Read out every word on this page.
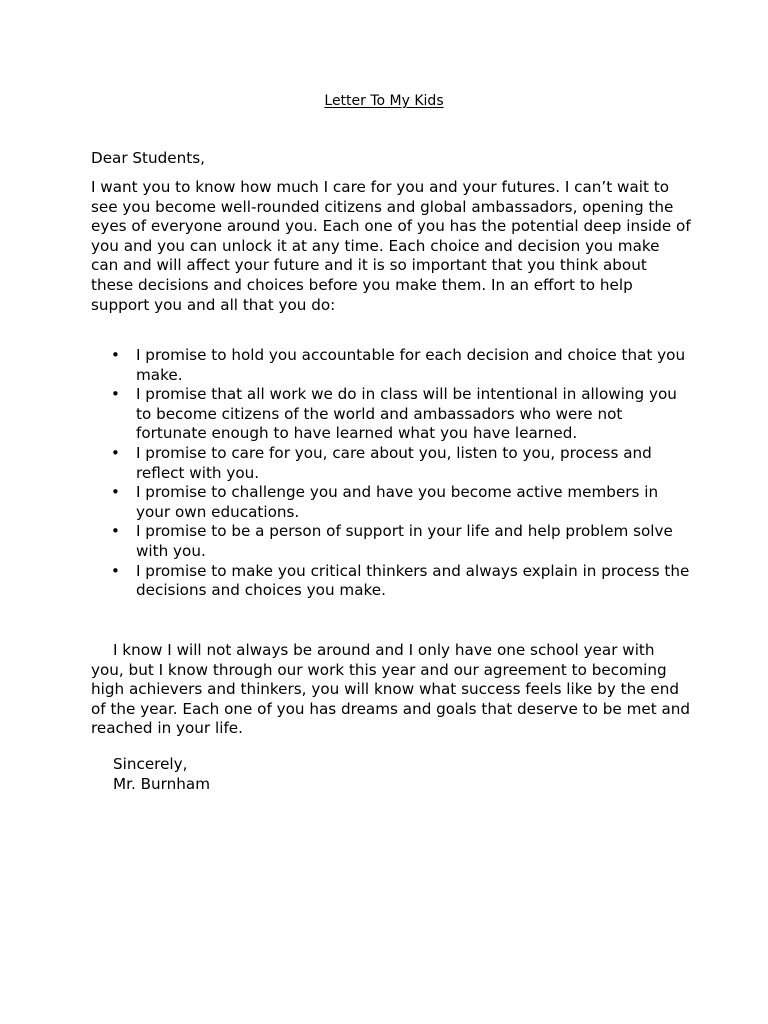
Letter To My Kids

Dear Students,

I want you to know how much I care for you and your futures. I can’t wait to see you become well-rounded citizens and global ambassadors, opening the eyes of everyone around you. Each one of you has the potential deep inside of you and you can unlock it at any time. Each choice and decision you make can and will affect your future and it is so important that you think about these decisions and choices before you make them. In an effort to help support you and all that you do:

• I promise to hold you accountable for each decision and choice that you make.
• I promise that all work we do in class will be intentional in allowing you to become citizens of the world and ambassadors who were not fortunate enough to have learned what you have learned.
• I promise to care for you, care about you, listen to you, process and reflect with you.
• I promise to challenge you and have you become active members in your own educations.
• I promise to be a person of support in your life and help problem solve with you.
• I promise to make you critical thinkers and always explain in process the decisions and choices you make.

I know I will not always be around and I only have one school year with you, but I know through our work this year and our agreement to becoming high achievers and thinkers, you will know what success feels like by the end of the year. Each one of you has dreams and goals that deserve to be met and reached in your life.

Sincerely,
Mr. Burnham
